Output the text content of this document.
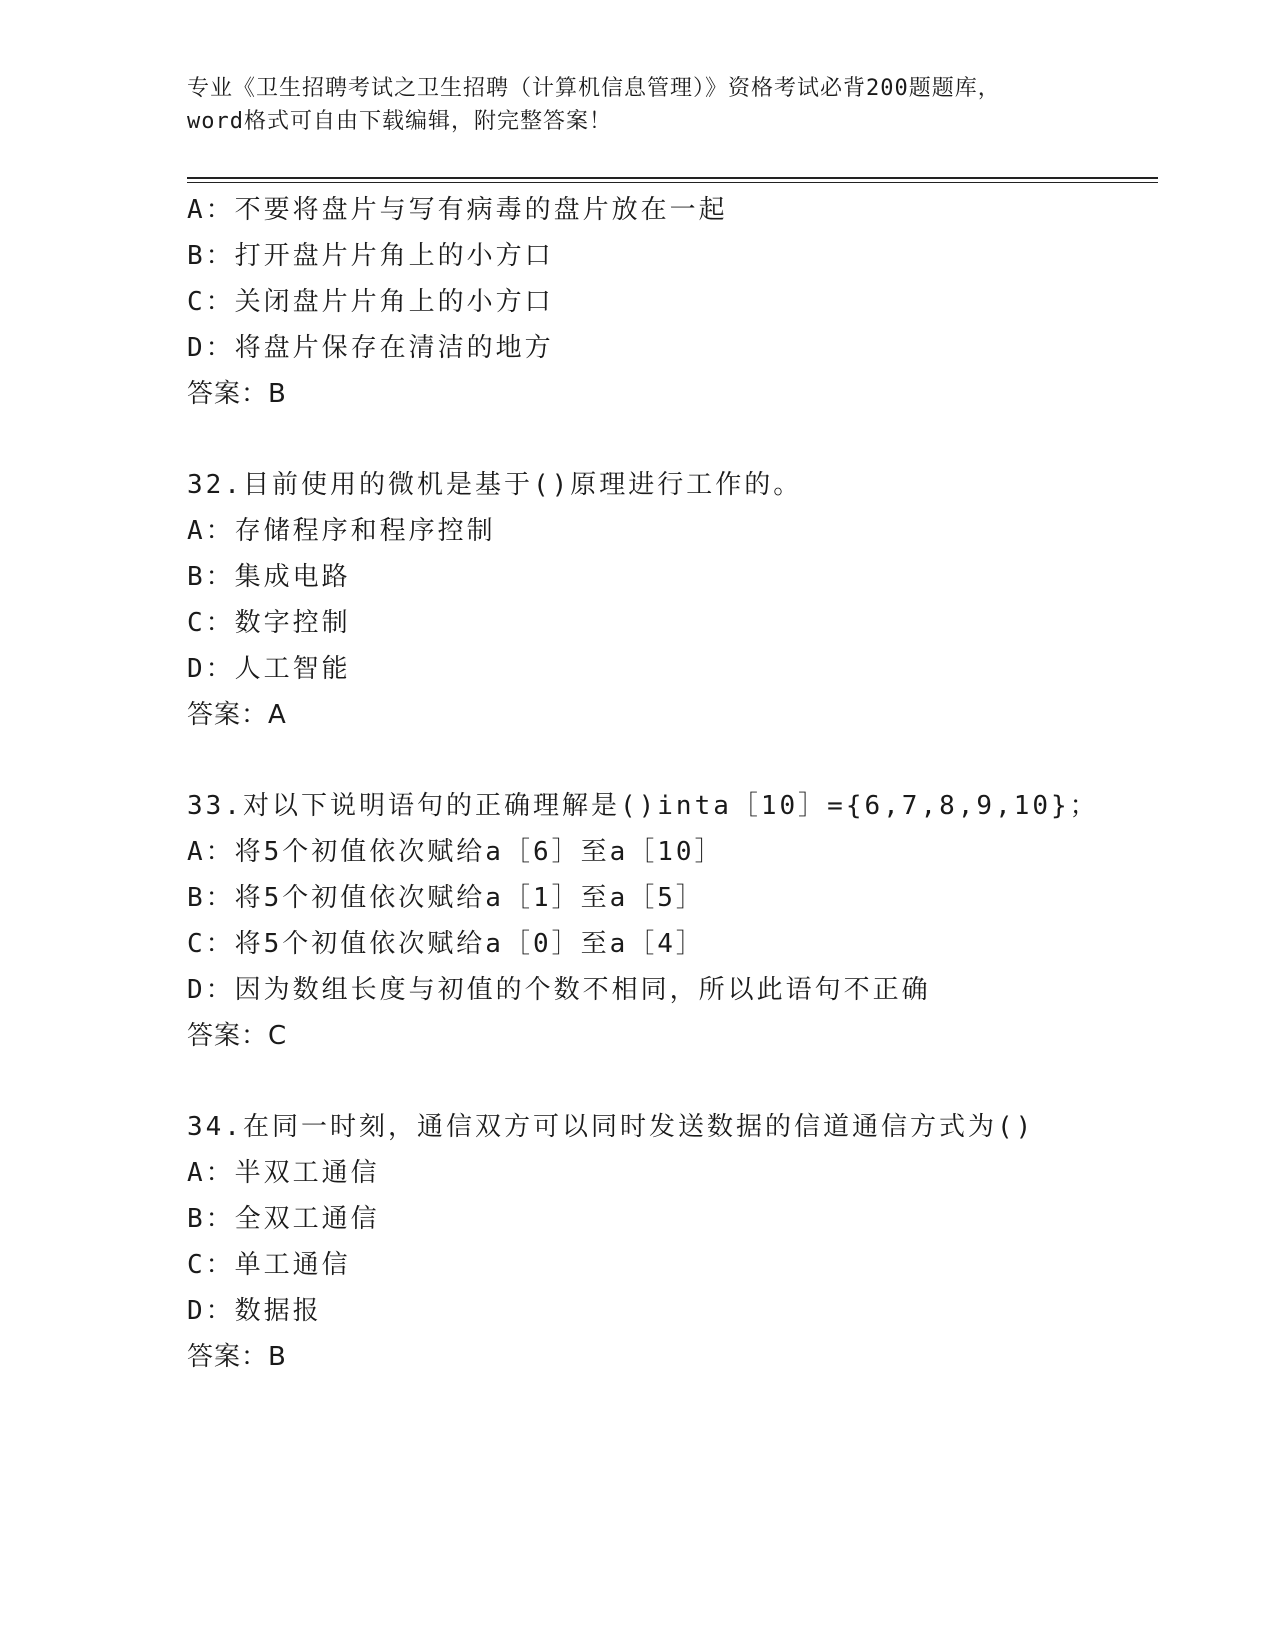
专业《卫生招聘考试之卫生招聘（计算机信息管理）》资格考试必背200题题库，
word格式可自由下载编辑，附完整答案！
A：不要将盘片与写有病毒的盘片放在一起
B：打开盘片片角上的小方口
C：关闭盘片片角上的小方口
D：将盘片保存在清洁的地方
答案：B
32.目前使用的微机是基于()原理进行工作的。
A：存储程序和程序控制
B：集成电路
C：数字控制
D：人工智能
答案：A
33.对以下说明语句的正确理解是()inta［10］={6,7,8,9,10}；
A：将5个初值依次赋给a［6］至a［10］
B：将5个初值依次赋给a［1］至a［5］
C：将5个初值依次赋给a［0］至a［4］
D：因为数组长度与初值的个数不相同，所以此语句不正确
答案：C
34.在同一时刻，通信双方可以同时发送数据的信道通信方式为()
A：半双工通信
B：全双工通信
C：单工通信
D：数据报
答案：B
